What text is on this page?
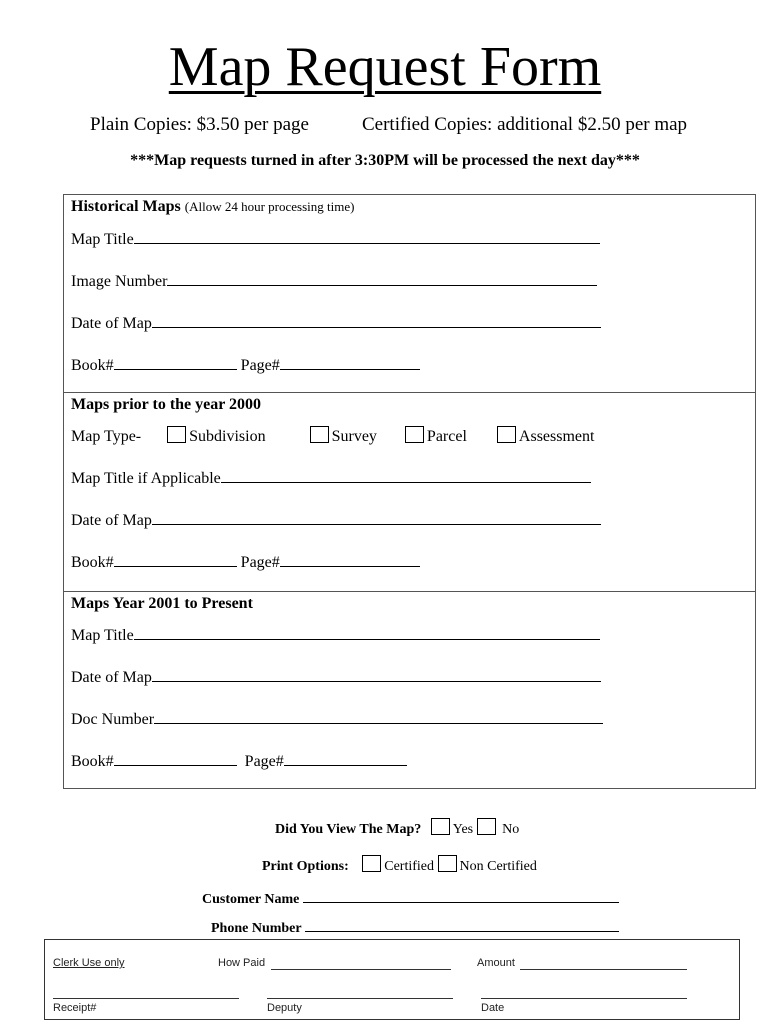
Map Request Form
Plain Copies: $3.50 per page	Certified Copies: additional $2.50 per map
***Map requests turned in after 3:30PM will be processed the next day***
Historical Maps (Allow 24 hour processing time)
Map Title
Image Number
Date of Map
Book#	Page#
Maps prior to the year 2000
Map Type-	Subdivision	Survey	Parcel	Assessment
Map Title if Applicable
Date of Map
Book#	Page#
Maps Year 2001 to Present
Map Title
Date of Map
Doc Number
Book#	Page#
Did You View The Map? Yes No
Print Options:	Certified Non Certified
Customer Name
Phone Number
Clerk Use only	How Paid	Amount
Receipt#	Deputy	Date
